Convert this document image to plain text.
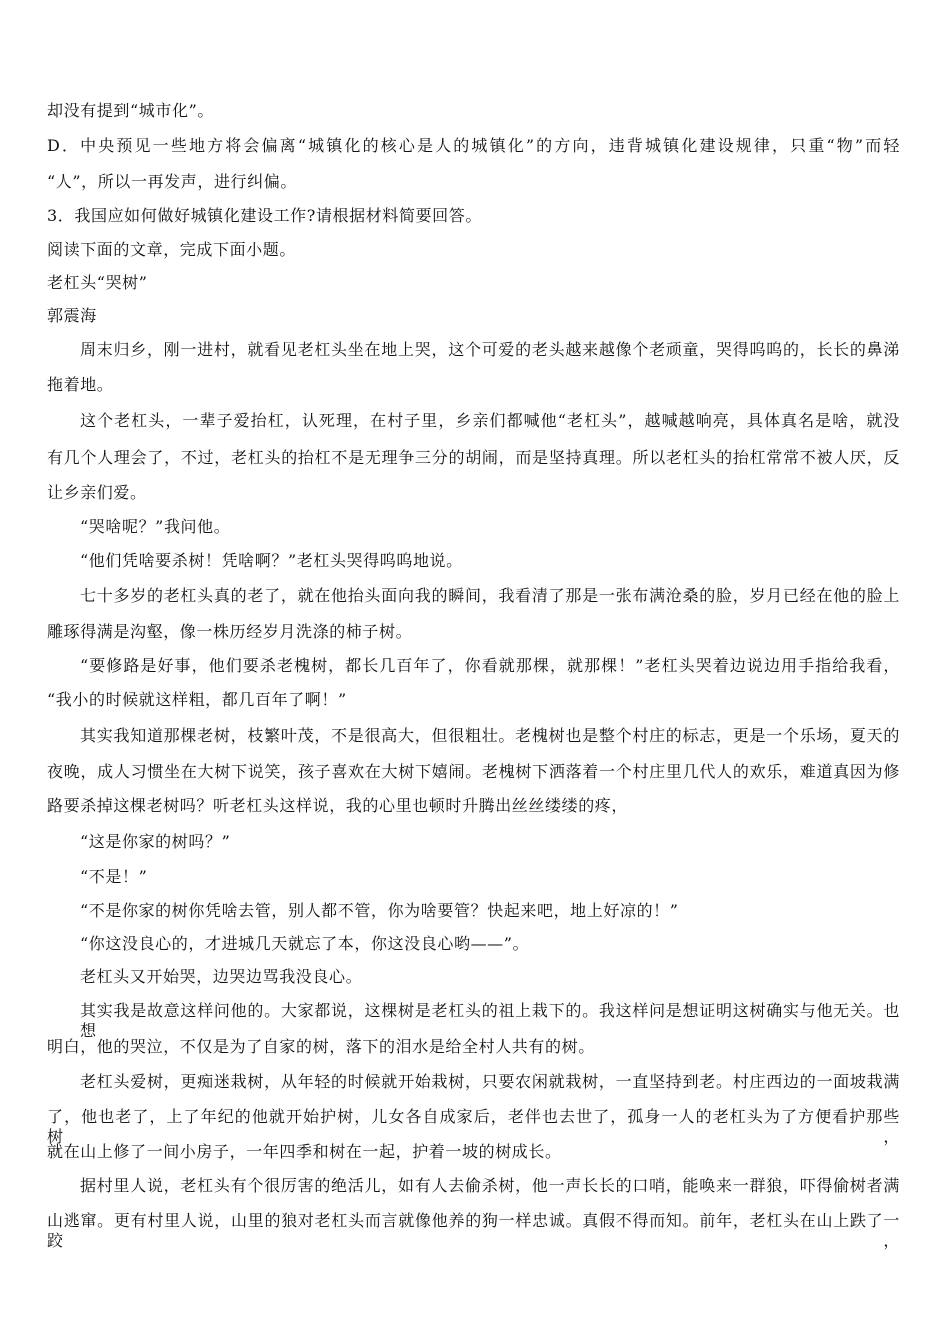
却没有提到“城市化”。
D．中央预见一些地方将会偏离“城镇化的核心是人的城镇化”的方向，违背城镇化建设规律，只重“物”而轻
“人”，所以一再发声，进行纠偏。
3．我国应如何做好城镇化建设工作?请根据材料简要回答。
阅读下面的文章，完成下面小题。
老杠头“哭树”
郭震海
周末归乡，刚一进村，就看见老杠头坐在地上哭，这个可爱的老头越来越像个老顽童，哭得呜呜的，长长的鼻涕
拖着地。
这个老杠头，一辈子爱抬杠，认死理，在村子里，乡亲们都喊他“老杠头”，越喊越响亮，具体真名是啥，就没
有几个人理会了，不过，老杠头的抬杠不是无理争三分的胡闹，而是坚持真理。所以老杠头的抬杠常常不被人厌，反
让乡亲们爱。
“哭啥呢？”我问他。
“他们凭啥要杀树！凭啥啊？”老杠头哭得呜呜地说。
七十多岁的老杠头真的老了，就在他抬头面向我的瞬间，我看清了那是一张布满沧桑的脸，岁月已经在他的脸上
雕琢得满是沟壑，像一株历经岁月洗涤的柿子树。
“要修路是好事，他们要杀老槐树，都长几百年了，你看就那棵，就那棵！”老杠头哭着边说边用手指给我看，
“我小的时候就这样粗，都几百年了啊！”
其实我知道那棵老树，枝繁叶茂，不是很高大，但很粗壮。老槐树也是整个村庄的标志，更是一个乐场，夏天的
夜晚，成人习惯坐在大树下说笑，孩子喜欢在大树下嬉闹。老槐树下洒落着一个村庄里几代人的欢乐，难道真因为修
路要杀掉这棵老树吗？听老杠头这样说，我的心里也顿时升腾出丝丝缕缕的疼，
“这是你家的树吗？”
“不是！”
“不是你家的树你凭啥去管，别人都不管，你为啥要管？快起来吧，地上好凉的！”
“你这没良心的，才进城几天就忘了本，你这没良心哟——”。
老杠头又开始哭，边哭边骂我没良心。
其实我是故意这样问他的。大家都说，这棵树是老杠头的祖上栽下的。我这样问是想证明这树确实与他无关。也想
明白，他的哭泣，不仅是为了自家的树，落下的泪水是给全村人共有的树。
老杠头爱树，更痴迷栽树，从年轻的时候就开始栽树，只要农闲就栽树，一直坚持到老。村庄西边的一面坡栽满
了，他也老了，上了年纪的他就开始护树，儿女各自成家后，老伴也去世了，孤身一人的老杠头为了方便看护那些树，
就在山上修了一间小房子，一年四季和树在一起，护着一坡的树成长。
据村里人说，老杠头有个很厉害的绝活儿，如有人去偷杀树，他一声长长的口哨，能唤来一群狼，吓得偷树者满
山逃窜。更有村里人说，山里的狼对老杠头而言就像他养的狗一样忠诚。真假不得而知。前年，老杠头在山上跌了一跤，
